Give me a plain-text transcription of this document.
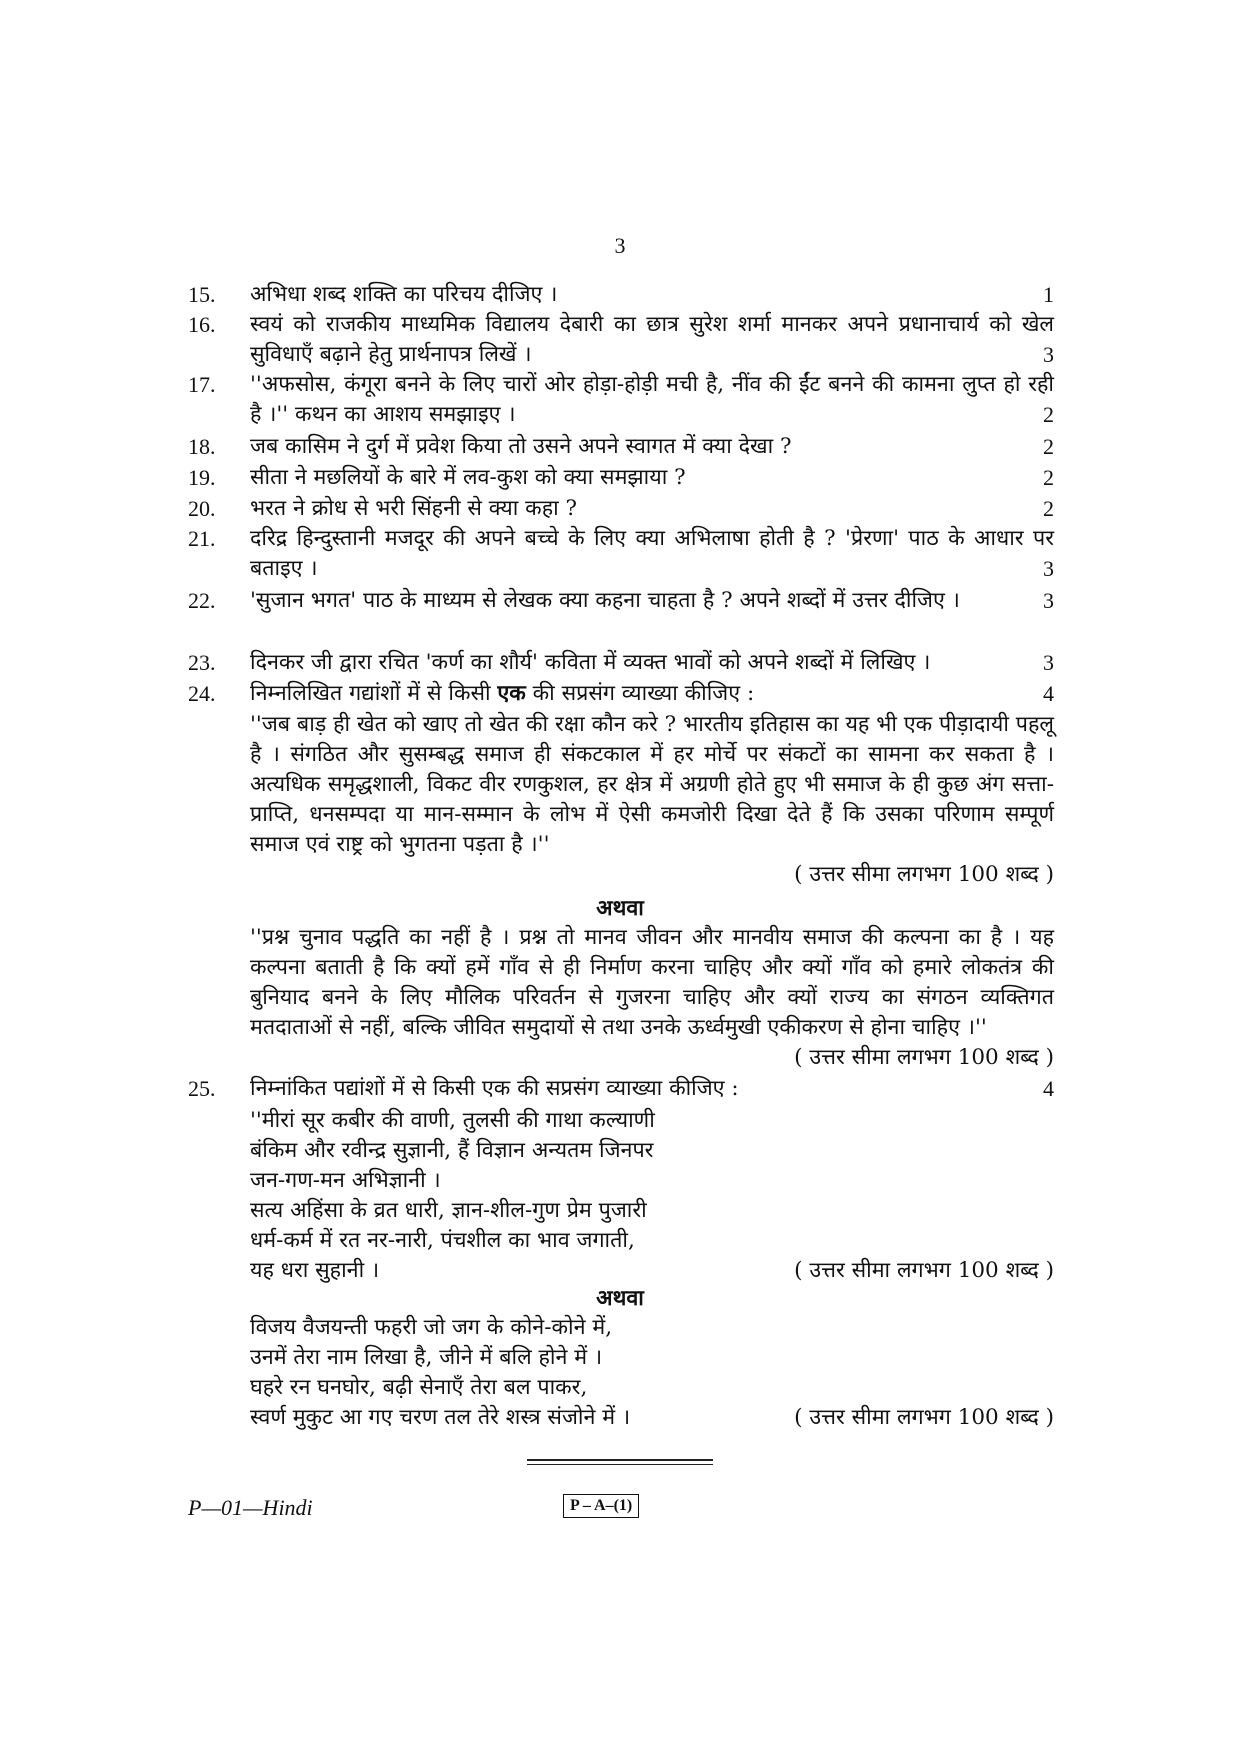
3
15.	1
अभिधा शब्द शक्ति का परिचय दीजिए ।
16. स्वयं को राजकीय माध्यमिक विद्यालय देबारी का छात्र सुरेश शर्मा मानकर अपने प्रधानाचार्य को खेल सुविधाएँ बढ़ाने हेतु प्रार्थनापत्र लिखें ।	3
17. ''अफसोस, कंगूरा बनने के लिए चारों ओर होड़ा-होड़ी मची है, नींव की ईंट बनने की कामना लुप्त हो रही है ।'' कथन का आशय समझाइए ।	2
18.	2
जब कासिम ने दुर्ग में प्रवेश किया तो उसने अपने स्वागत में क्या देखा ?
19.	2
सीता ने मछलियों के बारे में लव-कुश को क्या समझाया ?
20.	2
भरत ने क्रोध से भरी सिंहनी से क्या कहा ?
21. दरिद्र हिन्दुस्तानी मजदूर की अपने बच्चे के लिए क्या अभिलाषा होती है ? 'प्रेरणा' पाठ के आधार पर बताइए ।	3
22. 'सुजान भगत' पाठ के माध्यम से लेखक क्या कहना चाहता है ? अपने शब्दों में उत्तर दीजिए ।	3
23.	3
दिनकर जी द्वारा रचित 'कर्ण का शौर्य' कविता में व्यक्त भावों को अपने शब्दों में लिखिए ।
24.	4
निम्नलिखित गद्यांशों में से किसी एक की सप्रसंग व्याख्या कीजिए :
''जब बाड़ ही खेत को खाए तो खेत की रक्षा कौन करे ? भारतीय इतिहास का यह भी एक पीड़ादायी पहलू है । संगठित और सुसम्बद्ध समाज ही संकटकाल में हर मोर्चे पर संकटों का सामना कर सकता है । अत्यधिक समृद्धशाली, विकट वीर रणकुशल, हर क्षेत्र में अग्रणी होते हुए भी समाज के ही कुछ अंग सत्ता-प्राप्ति, धनसम्पदा या मान-सम्मान के लोभ में ऐसी कमजोरी दिखा देते हैं कि उसका परिणाम सम्पूर्ण समाज एवं राष्ट्र को भुगतना पड़ता है ।''
( उत्तर सीमा लगभग 100 शब्द )
अथवा
''प्रश्न चुनाव पद्धति का नहीं है । प्रश्न तो मानव जीवन और मानवीय समाज की कल्पना का है । यह कल्पना बताती है कि क्यों हमें गाँव से ही निर्माण करना चाहिए और क्यों गाँव को हमारे लोकतंत्र की बुनियाद बनने के लिए मौलिक परिवर्तन से गुजरना चाहिए और क्यों राज्य का संगठन व्यक्तिगत मतदाताओं से नहीं, बल्कि जीवित समुदायों से तथा उनके ऊर्ध्वमुखी एकीकरण से होना चाहिए ।''
( उत्तर सीमा लगभग 100 शब्द )
25.	4
निम्नांकित पद्यांशों में से किसी एक की सप्रसंग व्याख्या कीजिए :
''मीरां सूर कबीर की वाणी, तुलसी की गाथा कल्याणी
बंकिम और रवीन्द्र सुज्ञानी, हैं विज्ञान अन्यतम जिनपर
जन-गण-मन अभिज्ञानी ।
सत्य अहिंसा के व्रत धारी, ज्ञान-शील-गुण प्रेम पुजारी
धर्म-कर्म में रत नर-नारी, पंचशील का भाव जगाती,
यह धरा सुहानी ।	( उत्तर सीमा लगभग 100 शब्द )
अथवा
विजय वैजयन्ती फहरी जो जग के कोने-कोने में,
उनमें तेरा नाम लिखा है, जीने में बलि होने में ।
घहरे रन घनघोर, बढ़ी सेनाएँ तेरा बल पाकर,
स्वर्ण मुकुट आ गए चरण तल तेरे शस्त्र संजोने में ।	( उत्तर सीमा लगभग 100 शब्द )
P—01—Hindi	P – A–(1)
